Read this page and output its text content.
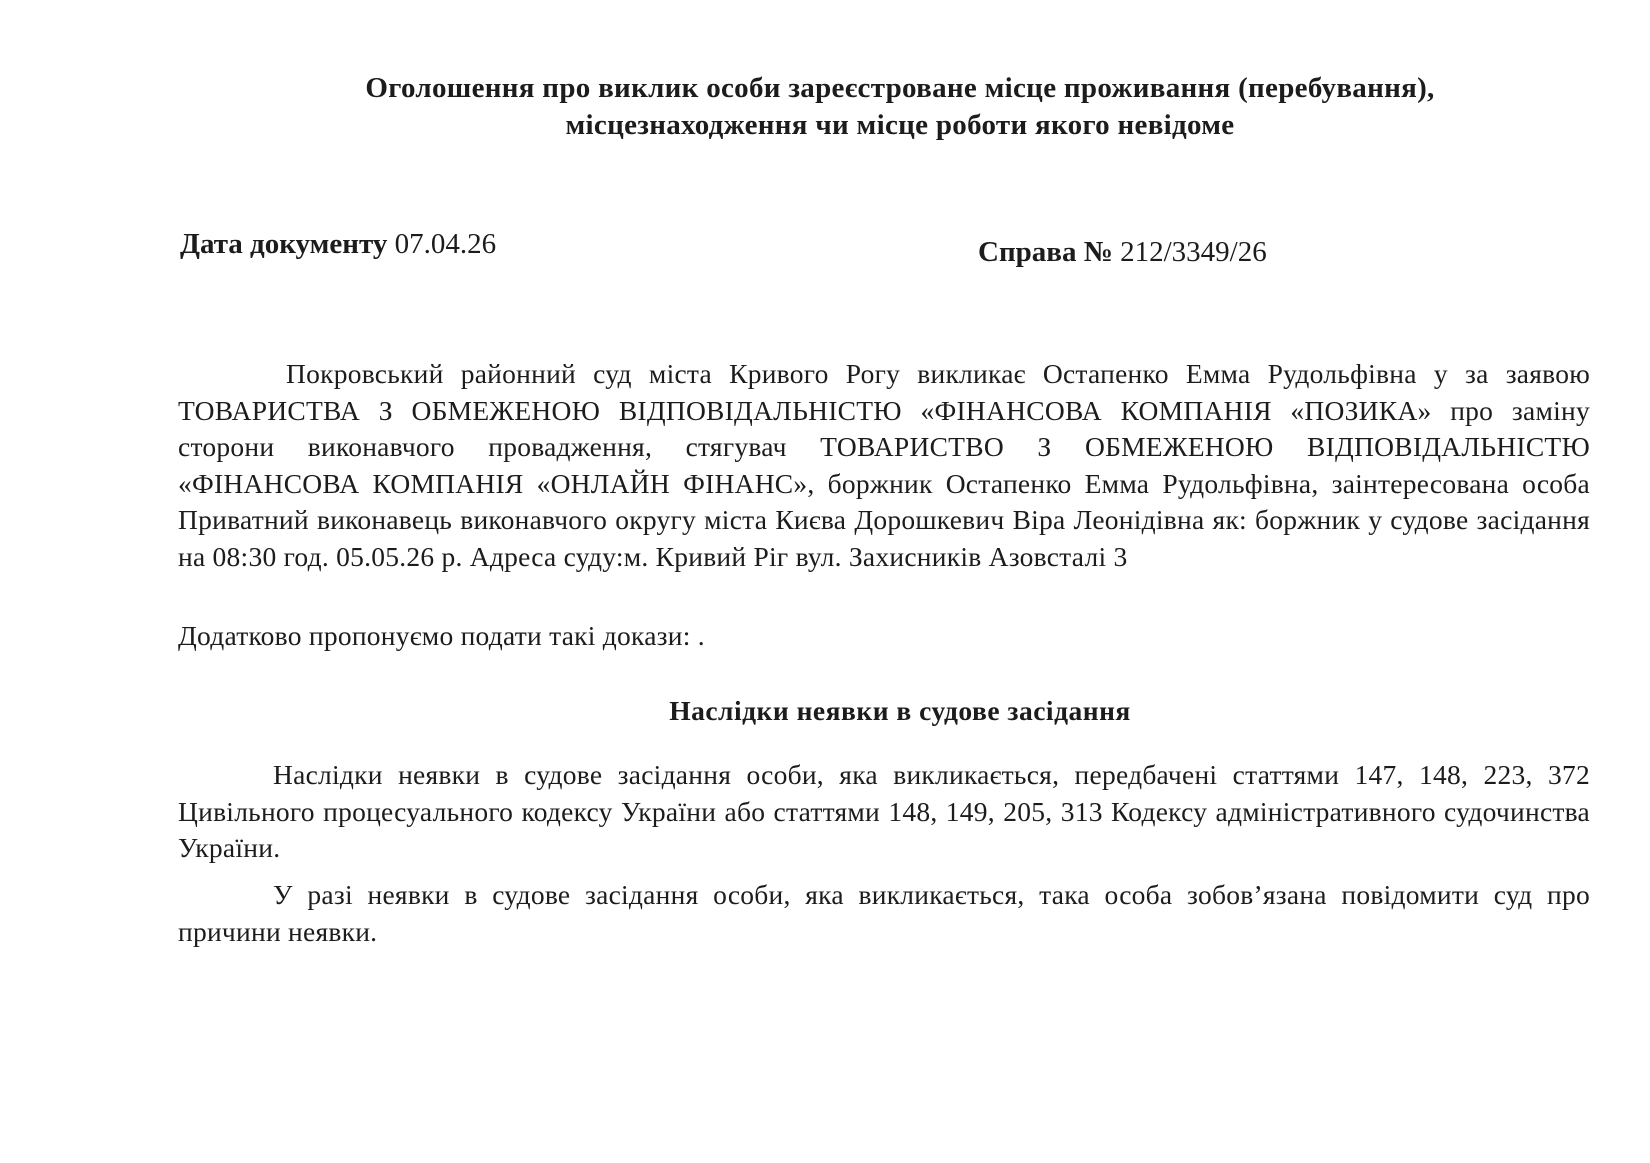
Оголошення про виклик особи зареєстроване місце проживання (перебування),
місцезнаходження чи місце роботи якого невідоме
Дата документу 07.04.26	Справа № 212/3349/26
Покровський районний суд міста Кривого Рогу викликає Остапенко Емма Рудольфівна у за заявою ТОВАРИСТВА З ОБМЕЖЕНОЮ ВІДПОВІДАЛЬНІСТЮ «ФІНАНСОВА КОМПАНІЯ «ПОЗИКА» про заміну сторони виконавчого провадження, стягувач ТОВАРИСТВО З ОБМЕЖЕНОЮ ВІДПОВІДАЛЬНІСТЮ «ФІНАНСОВА КОМПАНІЯ «ОНЛАЙН ФІНАНС», боржник Остапенко Емма Рудольфівна, заінтересована особа Приватний виконавець виконавчого округу міста Києва Дорошкевич Віра Леонідівна як: боржник у судове засідання на 08:30 год. 05.05.26 р. Адреса суду:м. Кривий Ріг вул. Захисників Азовсталі 3
Додатково пропонуємо подати такі докази: .
Наслідки неявки в судове засідання
Наслідки неявки в судове засідання особи, яка викликається, передбачені статтями 147, 148, 223, 372 Цивільного процесуального кодексу України або статтями 148, 149, 205, 313 Кодексу адміністративного судочинства України.
У разі неявки в судове засідання особи, яка викликається, така особа зобов’язана повідомити суд про причини неявки.
